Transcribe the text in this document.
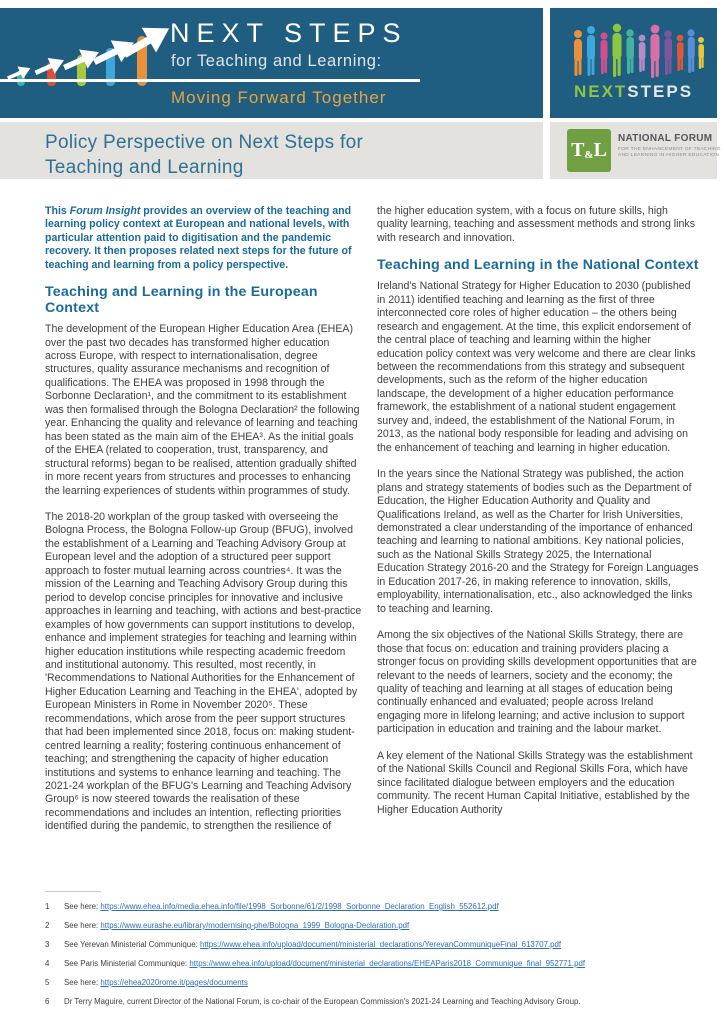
NEXT STEPS
for Teaching and Learning:
Moving Forward Together	NEXTSTEPS
Policy Perspective on Next Steps for Teaching and Learning
T&L
NATIONAL FORUM
FOR THE ENHANCEMENT OF TEACHING
AND LEARNING IN HIGHER EDUCATION

This Forum Insight provides an overview of the teaching and learning policy context at European and national levels, with particular attention paid to digitisation and the pandemic recovery. It then proposes related next steps for the future of teaching and learning from a policy perspective.

Teaching and Learning in the European Context

The development of the European Higher Education Area (EHEA) over the past two decades has transformed higher education across Europe, with respect to internationalisation, degree structures, quality assurance mechanisms and recognition of qualifications. The EHEA was proposed in 1998 through the Sorbonne Declaration¹, and the commitment to its establishment was then formalised through the Bologna Declaration² the following year. Enhancing the quality and relevance of learning and teaching has been stated as the main aim of the EHEA³. As the initial goals of the EHEA (related to cooperation, trust, transparency, and structural reforms) began to be realised, attention gradually shifted in more recent years from structures and processes to enhancing the learning experiences of students within programmes of study.

The 2018-20 workplan of the group tasked with overseeing the Bologna Process, the Bologna Follow-up Group (BFUG), involved the establishment of a Learning and Teaching Advisory Group at European level and the adoption of a structured peer support approach to foster mutual learning across countries⁴. It was the mission of the Learning and Teaching Advisory Group during this period to develop concise principles for innovative and inclusive approaches in learning and teaching, with actions and best-practice examples of how governments can support institutions to develop, enhance and implement strategies for teaching and learning within higher education institutions while respecting academic freedom and institutional autonomy. This resulted, most recently, in 'Recommendations to National Authorities for the Enhancement of Higher Education Learning and Teaching in the EHEA', adopted by European Ministers in Rome in November 2020⁵. These recommendations, which arose from the peer support structures that had been implemented since 2018, focus on: making student-centred learning a reality; fostering continuous enhancement of teaching; and strengthening the capacity of higher education institutions and systems to enhance learning and teaching. The 2021-24 workplan of the BFUG's Learning and Teaching Advisory Group⁶ is now steered towards the realisation of these recommendations and includes an intention, reflecting priorities identified during the pandemic, to strengthen the resilience of

the higher education system, with a focus on future skills, high quality learning, teaching and assessment methods and strong links with research and innovation.

Teaching and Learning in the National Context

Ireland's National Strategy for Higher Education to 2030 (published in 2011) identified teaching and learning as the first of three interconnected core roles of higher education – the others being research and engagement. At the time, this explicit endorsement of the central place of teaching and learning within the higher education policy context was very welcome and there are clear links between the recommendations from this strategy and subsequent developments, such as the reform of the higher education landscape, the development of a higher education performance framework, the establishment of a national student engagement survey and, indeed, the establishment of the National Forum, in 2013, as the national body responsible for leading and advising on the enhancement of teaching and learning in higher education.

In the years since the National Strategy was published, the action plans and strategy statements of bodies such as the Department of Education, the Higher Education Authority and Quality and Qualifications Ireland, as well as the Charter for Irish Universities, demonstrated a clear understanding of the importance of enhanced teaching and learning to national ambitions. Key national policies, such as the National Skills Strategy 2025, the International Education Strategy 2016-20 and the Strategy for Foreign Languages in Education 2017-26, in making reference to innovation, skills, employability, internationalisation, etc., also acknowledged the links to teaching and learning.

Among the six objectives of the National Skills Strategy, there are those that focus on: education and training providers placing a stronger focus on providing skills development opportunities that are relevant to the needs of learners, society and the economy; the quality of teaching and learning at all stages of education being continually enhanced and evaluated; people across Ireland engaging more in lifelong learning; and active inclusion to support participation in education and training and the labour market.

A key element of the National Skills Strategy was the establishment of the National Skills Council and Regional Skills Fora, which have since facilitated dialogue between employers and the education community. The recent Human Capital Initiative, established by the Higher Education Authority

1	See here: https://www.ehea.info/media.ehea.info/file/1998_Sorbonne/61/2/1998_Sorbonne_Declaration_English_552612.pdf
2	See here: https://www.eurashe.eu/library/modernising-phe/Bologna_1999_Bologna-Declaration.pdf
3	See Yerevan Ministerial Communique: https://www.ehea.info/upload/document/ministerial_declarations/YerevanCommuniqueFinal_613707.pdf
4	See Paris Ministerial Communique: https://www.ehea.info/upload/document/ministerial_declarations/EHEAParis2018_Communique_final_952771.pdf
5	See here: https://ehea2020rome.it/pages/documents
6	Dr Terry Maguire, current Director of the National Forum, is co-chair of the European Commission's 2021-24 Learning and Teaching Advisory Group.
